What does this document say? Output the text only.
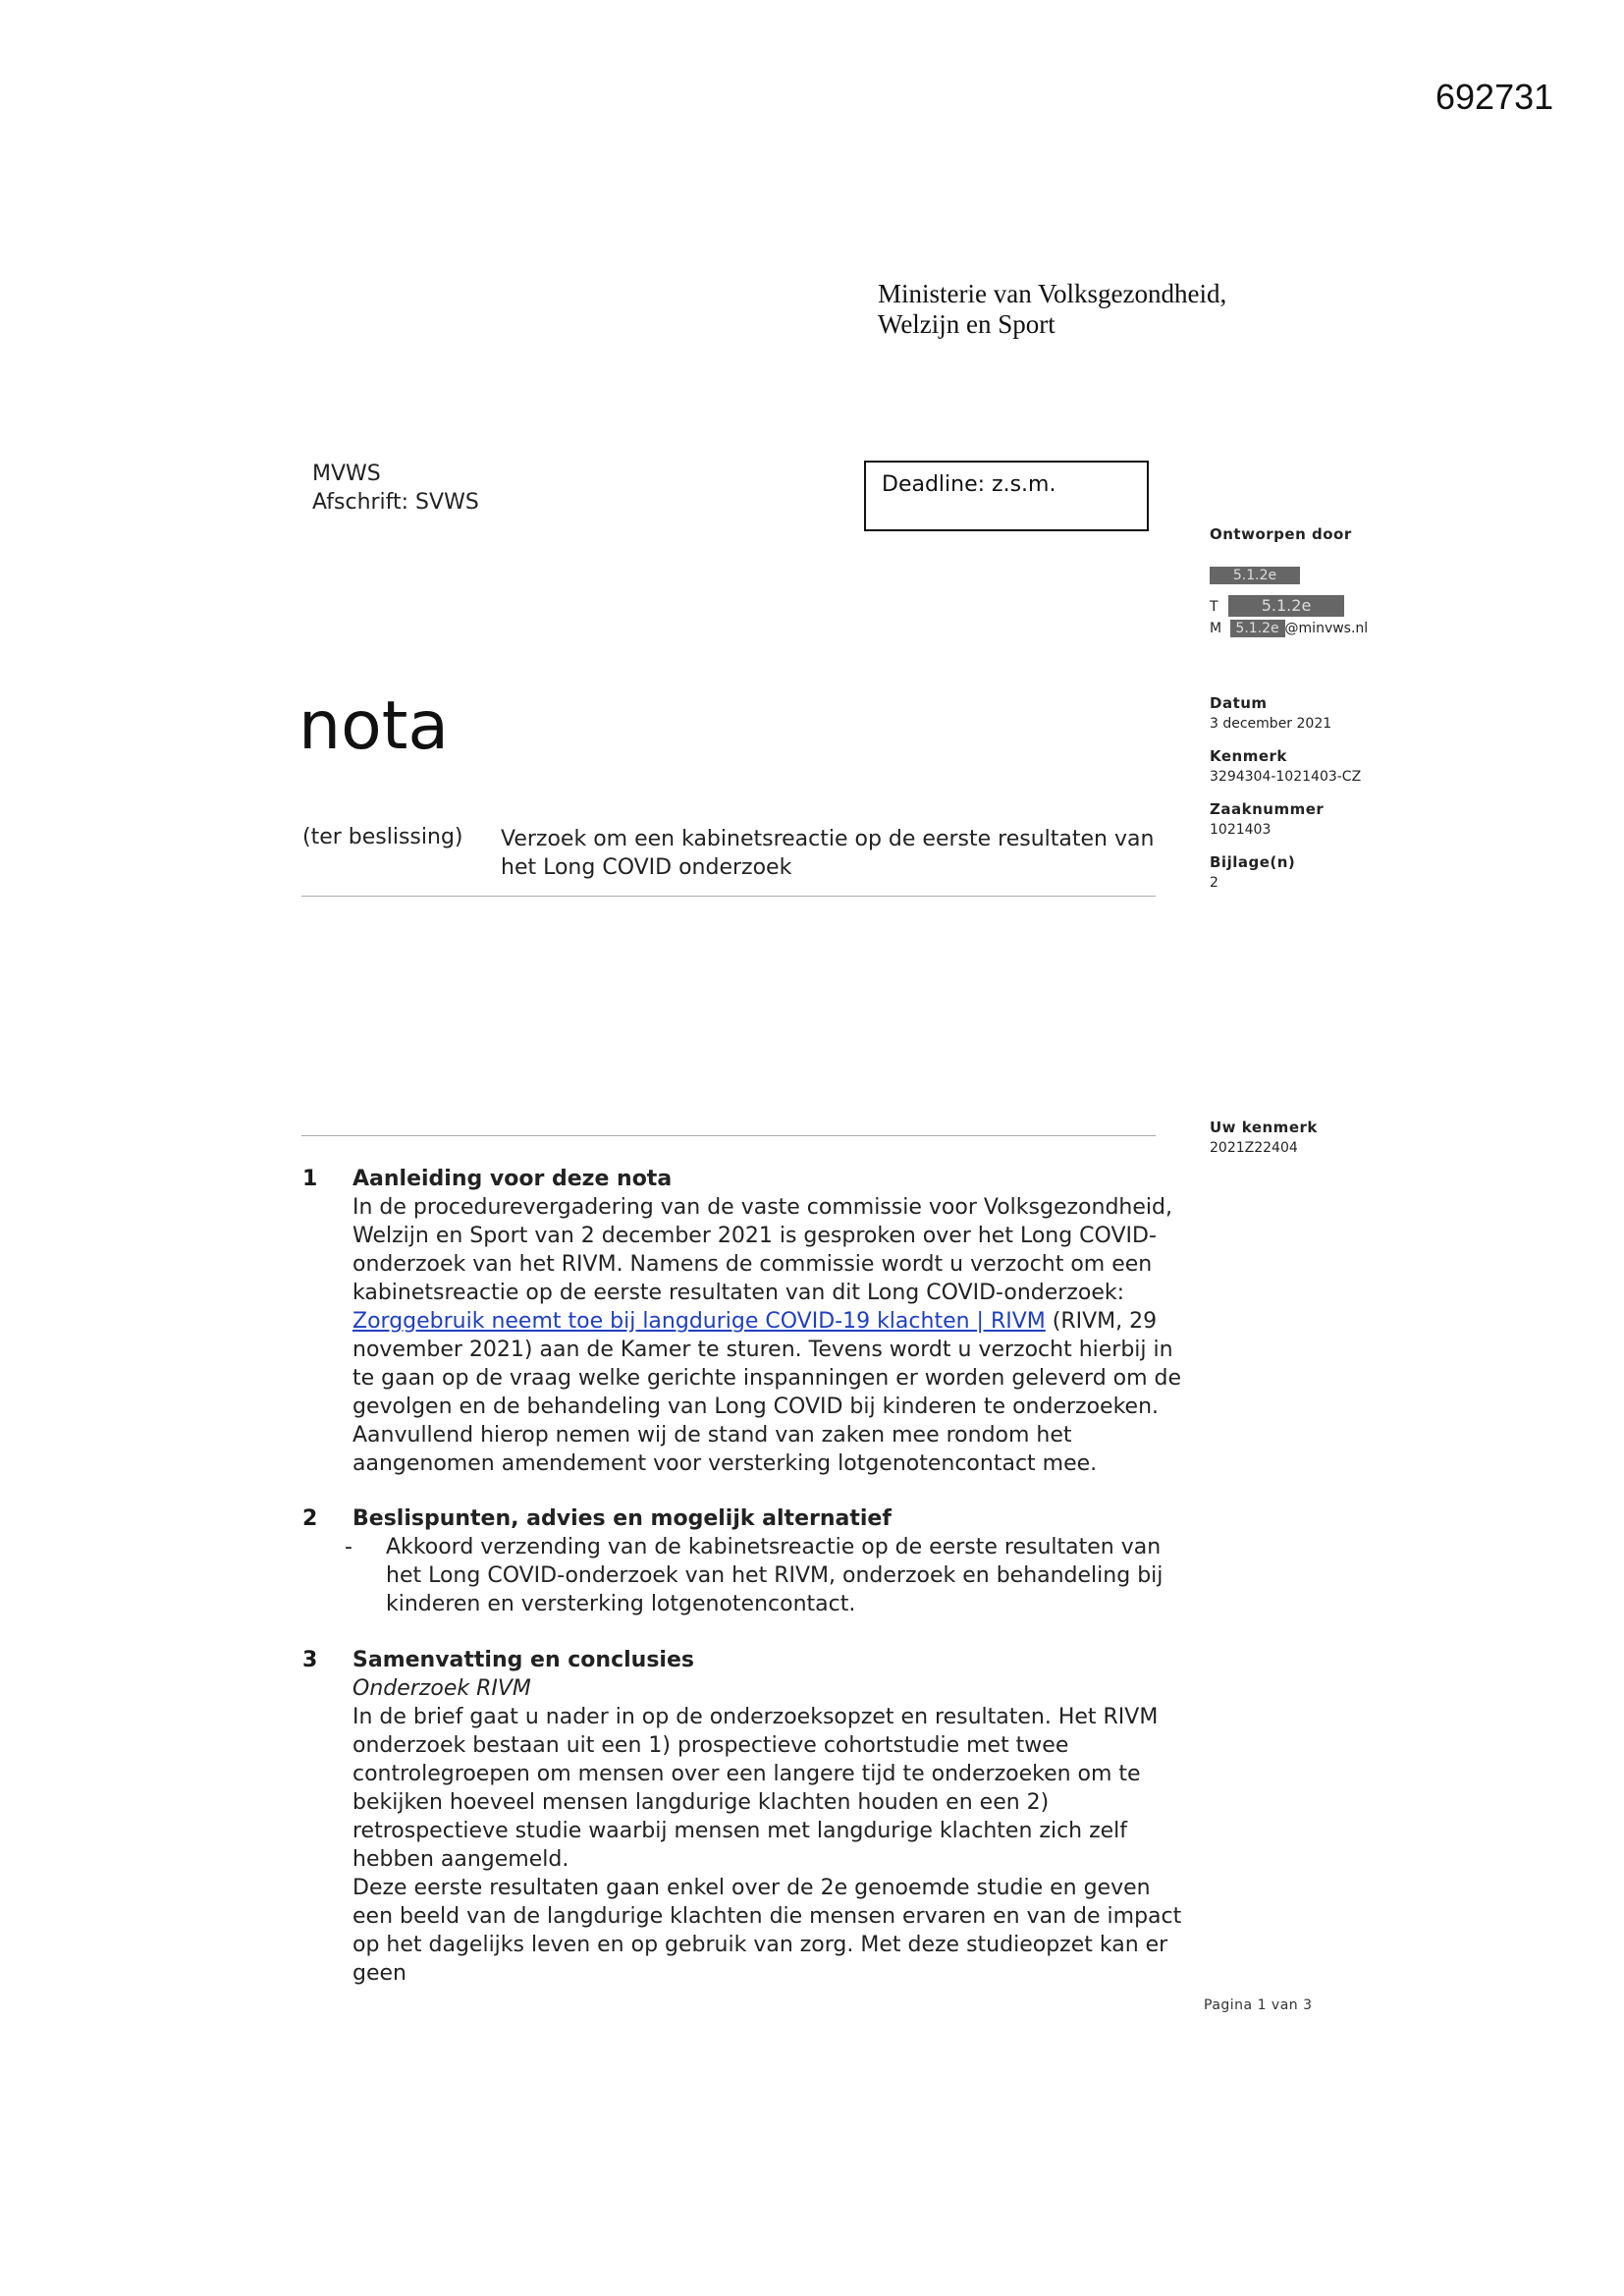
692731
Ministerie van Volksgezondheid,
Welzijn en Sport
MVWS
Afschrift: SVWS
Deadline: z.s.m.
nota
(ter beslissing) Verzoek om een kabinetsreactie op de eerste resultaten van het Long COVID onderzoek
Ontworpen door
5.1.2e
T	5.1.2e
M 5.1.2e @minvws.nl
Datum
3 december 2021
Kenmerk
3294304-1021403-CZ
Zaaknummer
1021403
Bijlage(n)
2
Uw kenmerk
2021Z22404
1 Aanleiding voor deze nota

In de procedurevergadering van de vaste commissie voor Volksgezondheid, Welzijn en Sport van 2 december 2021 is gesproken over het Long COVID-onderzoek van het RIVM. Namens de commissie wordt u verzocht om een kabinetsreactie op de eerste resultaten van dit Long COVID-onderzoek: Zorggebruik neemt toe bij langdurige COVID-19 klachten | RIVM (RIVM, 29 november 2021) aan de Kamer te sturen. Tevens wordt u verzocht hierbij in te gaan op de vraag welke gerichte inspanningen er worden geleverd om de gevolgen en de behandeling van Long COVID bij kinderen te onderzoeken. Aanvullend hierop nemen wij de stand van zaken mee rondom het aangenomen amendement voor versterking lotgenotencontact mee.

2 Beslispunten, advies en mogelijk alternatief

- Akkoord verzending van de kabinetsreactie op de eerste resultaten van het Long COVID-onderzoek van het RIVM, onderzoek en behandeling bij kinderen en versterking lotgenotencontact.

3 Samenvatting en conclusies

Onderzoek RIVM

In de brief gaat u nader in op de onderzoeksopzet en resultaten. Het RIVM onderzoek bestaan uit een 1) prospectieve cohortstudie met twee controlegroepen om mensen over een langere tijd te onderzoeken om te bekijken hoeveel mensen langdurige klachten houden en een 2) retrospectieve studie waarbij mensen met langdurige klachten zich zelf hebben aangemeld.

Deze eerste resultaten gaan enkel over de 2e genoemde studie en geven een beeld van de langdurige klachten die mensen ervaren en van de impact op het dagelijks leven en op gebruik van zorg. Met deze studieopzet kan er geen

Pagina 1 van 3
